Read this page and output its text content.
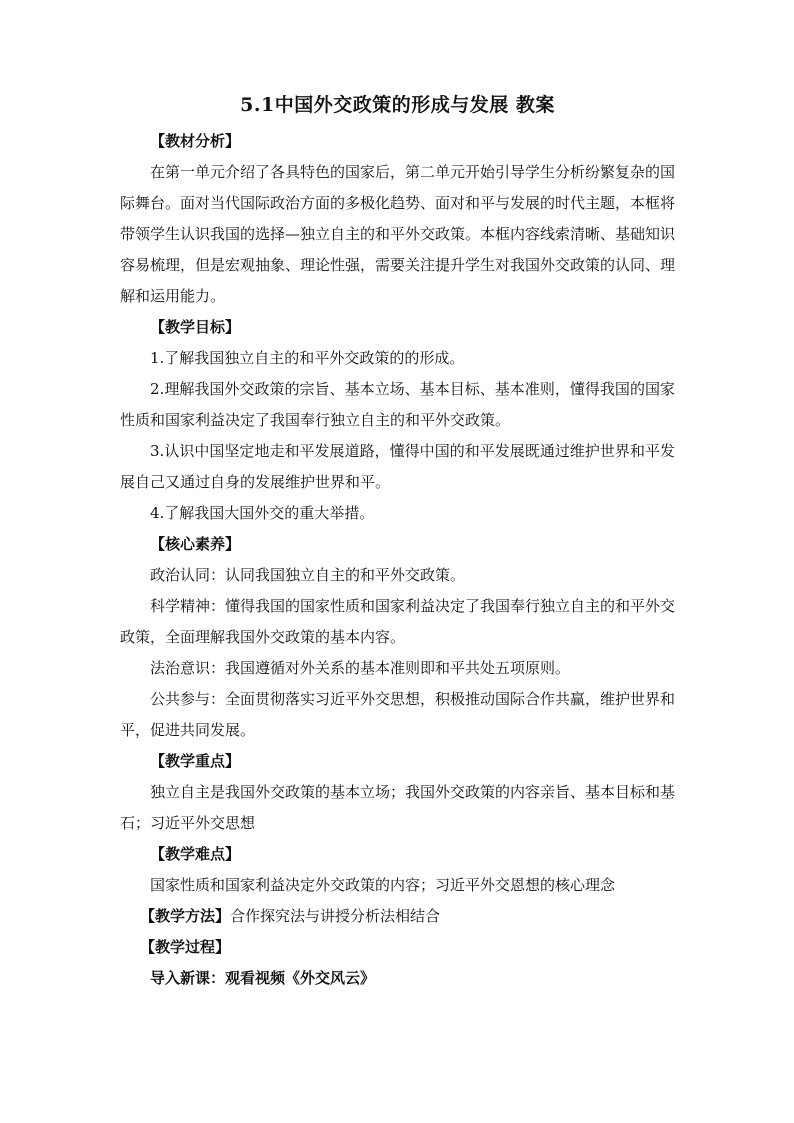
5.1中国外交政策的形成与发展 教案

【教材分析】

在第一单元介绍了各具特色的国家后，第二单元开始引导学生分析纷繁复杂的国际舞台。面对当代国际政治方面的多极化趋势、面对和平与发展的时代主题，本框将带领学生认识我国的选择—独立自主的和平外交政策。本框内容线索清晰、基础知识容易梳理，但是宏观抽象、理论性强，需要关注提升学生对我国外交政策的认同、理解和运用能力。

【教学目标】

1.了解我国独立自主的和平外交政策的的形成。

2.理解我国外交政策的宗旨、基本立场、基本目标、基本准则，懂得我国的国家性质和国家利益决定了我国奉行独立自主的和平外交政策。

3.认识中国坚定地走和平发展道路，懂得中国的和平发展既通过维护世界和平发展自己又通过自身的发展维护世界和平。

4.了解我国大国外交的重大举措。

【核心素养】

政治认同：认同我国独立自主的和平外交政策。

科学精神：懂得我国的国家性质和国家利益决定了我国奉行独立自主的和平外交政策，全面理解我国外交政策的基本内容。

法治意识：我国遵循对外关系的基本准则即和平共处五项原则。

公共参与：全面贯彻落实习近平外交思想，积极推动国际合作共赢，维护世界和平，促进共同发展。

【教学重点】

独立自主是我国外交政策的基本立场；我国外交政策的内容亲旨、基本目标和基石；习近平外交思想

【教学难点】

国家性质和国家利益决定外交政策的内容；习近平外交恩想的核心理念

【教学方法】合作探究法与讲授分析法相结合

【教学过程】

导入新课：观看视频《外交风云》
